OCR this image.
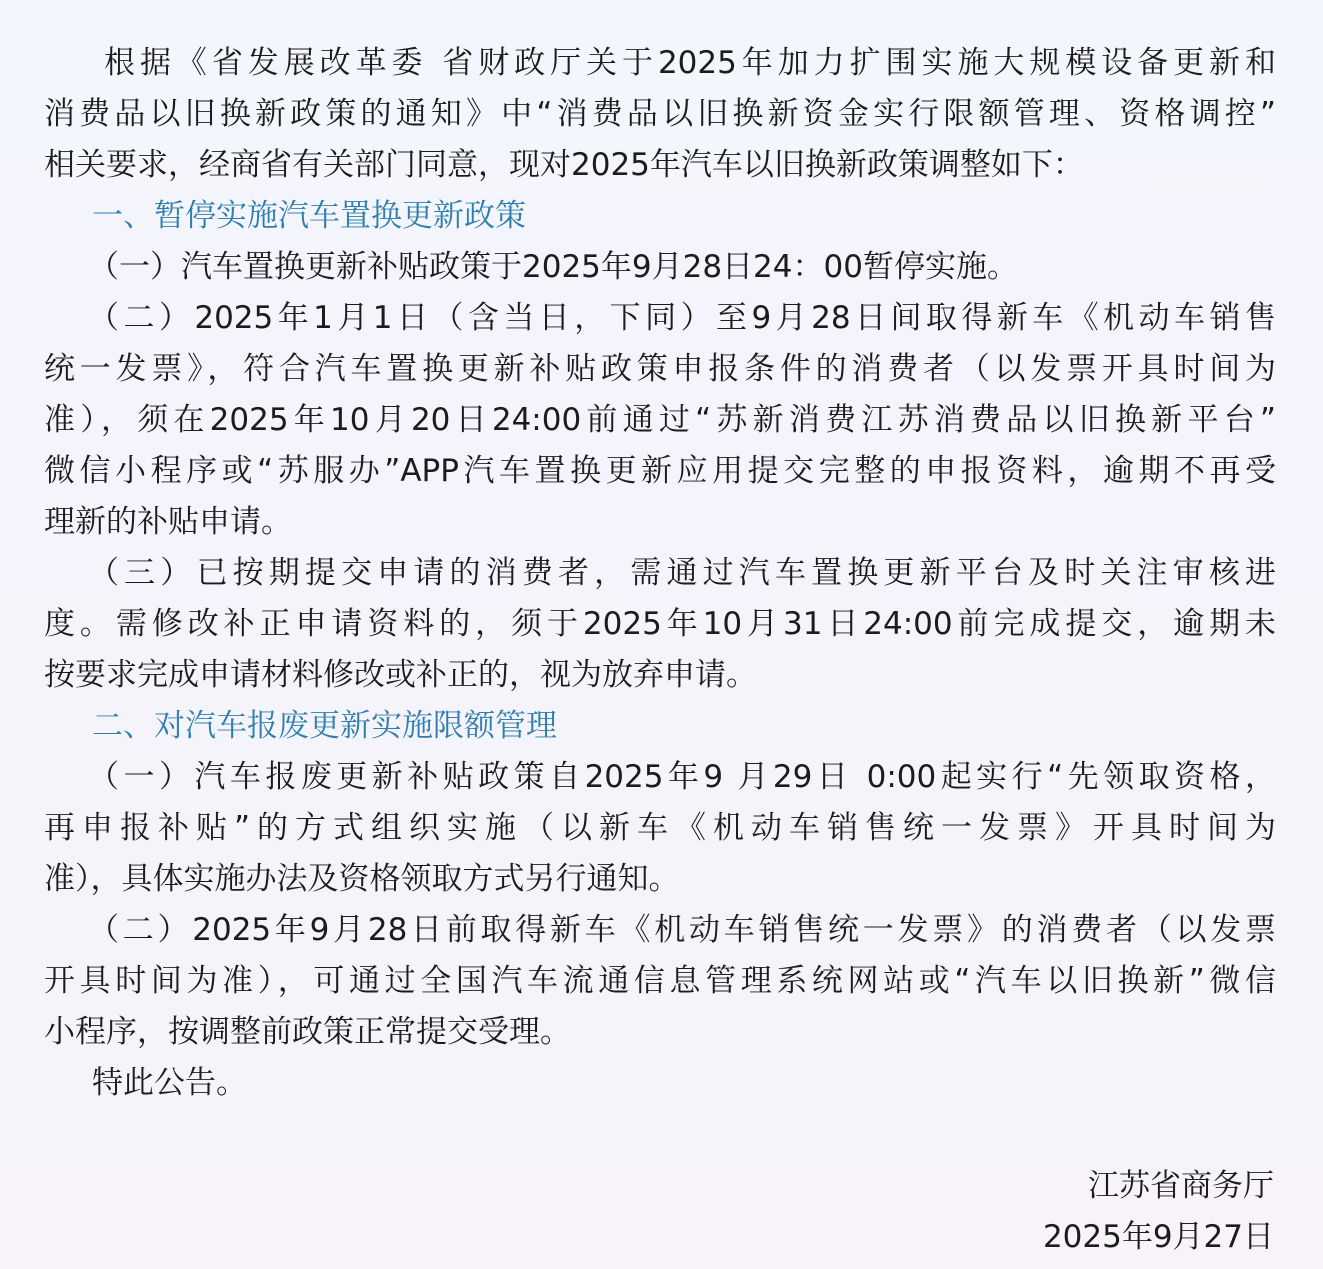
根据《省发展改革委 省财政厅关于2025年加力扩围实施大规模设备更新和

消费品以旧换新政策的通知》中“消费品以旧换新资金实行限额管理、资格调控”

相关要求，经商省有关部门同意，现对2025年汽车以旧换新政策调整如下：

一、暂停实施汽车置换更新政策

（一）汽车置换更新补贴政策于2025年9月28日24：00暂停实施。

（二）2025年1月1日（含当日，下同）至9月28日间取得新车《机动车销售

统一发票》，符合汽车置换更新补贴政策申报条件的消费者（以发票开具时间为

准），须在2025年10月20日24:00前通过“苏新消费江苏消费品以旧换新平台”

微信小程序或“苏服办”APP汽车置换更新应用提交完整的申报资料，逾期不再受

理新的补贴申请。

（三）已按期提交申请的消费者，需通过汽车置换更新平台及时关注审核进

度。需修改补正申请资料的，须于2025年10月31日24:00前完成提交，逾期未

按要求完成申请材料修改或补正的，视为放弃申请。

二、对汽车报废更新实施限额管理

（一）汽车报废更新补贴政策自2025年9 月29日 0:00起实行“先领取资格，

再申报补贴”的方式组织实施（以新车《机动车销售统一发票》开具时间为

准），具体实施办法及资格领取方式另行通知。

（二）2025年9月28日前取得新车《机动车销售统一发票》的消费者（以发票

开具时间为准），可通过全国汽车流通信息管理系统网站或“汽车以旧换新”微信

小程序，按调整前政策正常提交受理。

特此公告。

江苏省商务厅
2025年9月27日
